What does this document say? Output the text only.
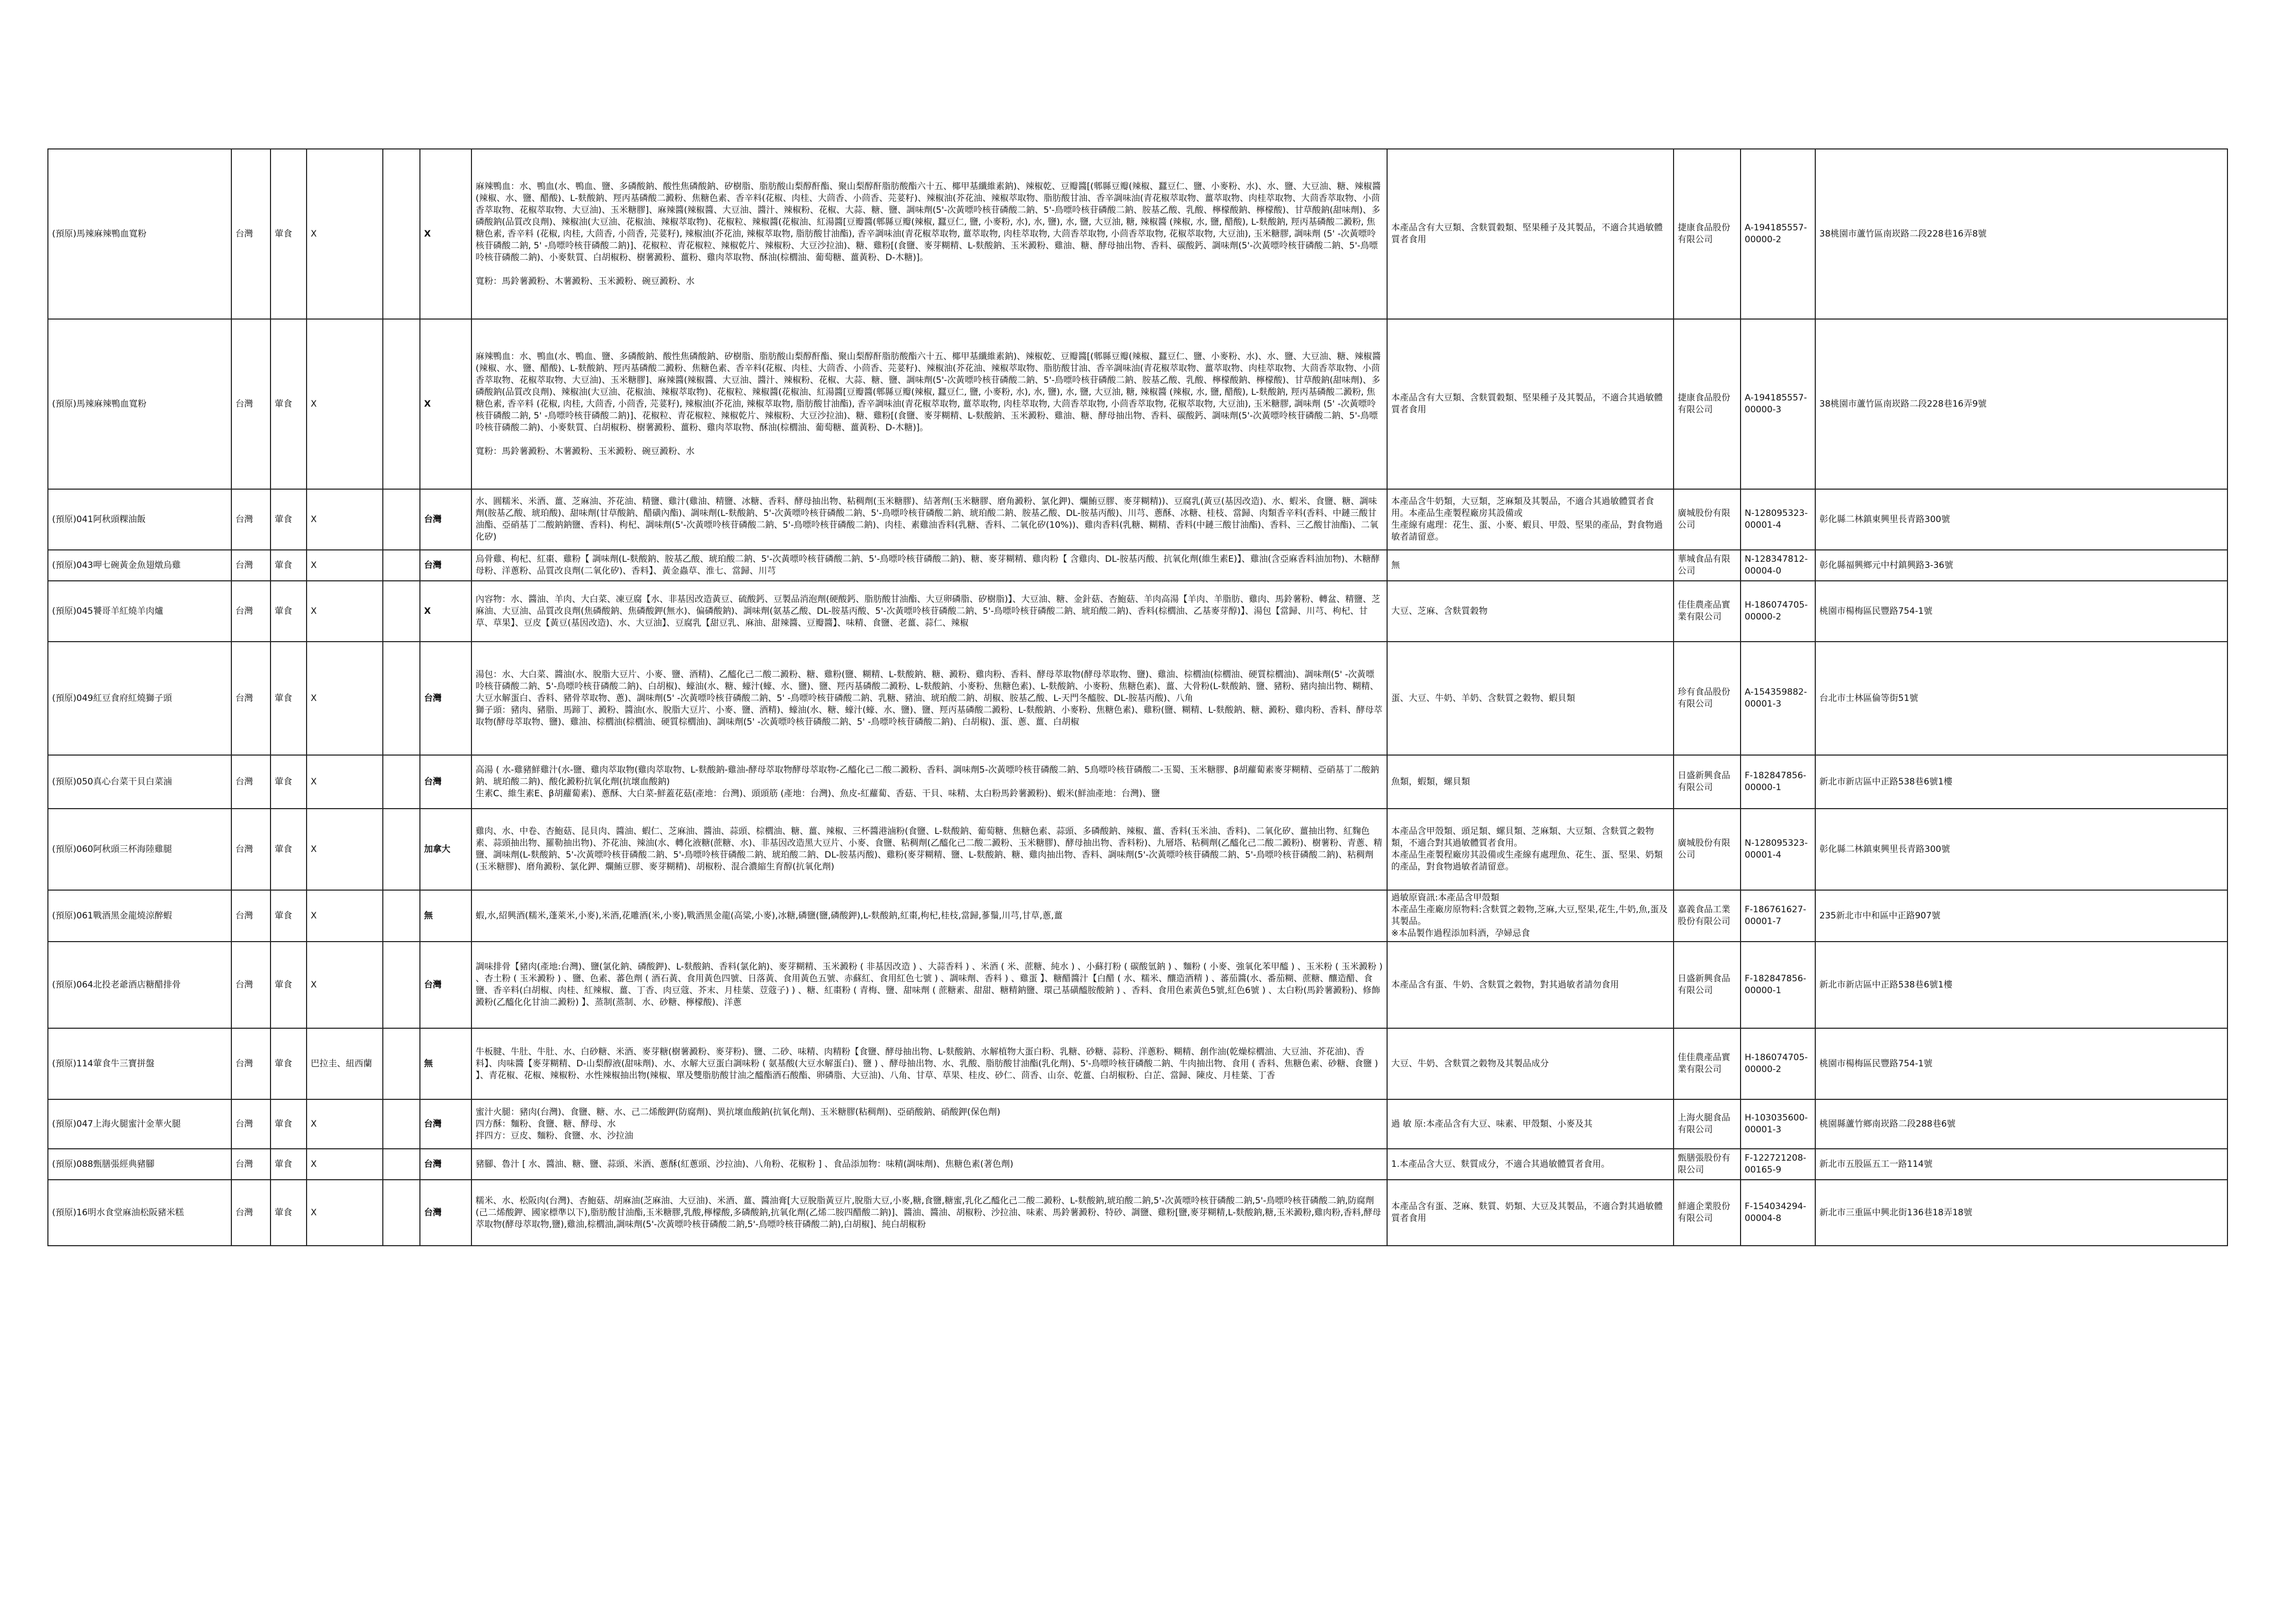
(預原)馬辣麻辣鴨血寬粉	台灣	葷食	X		X	麻辣鴨血：水、鴨血(水、鴨血、鹽、多磷酸鈉、酸性焦磷酸鈉、矽樹脂、脂肪酸山梨醇酐酯、聚山梨醇酐脂肪酸酯六十五、椰甲基纖維素鈉)、辣椒乾、豆瓣醬[(郫縣豆瓣(辣椒、蠶豆仁、鹽、小麥粉、水)、水、鹽、大豆油、糖、辣椒醬(辣椒、水、鹽、醋酸)、L-麩酸鈉、羥丙基磷酸二澱粉、焦糖色素、香辛料(花椒、肉桂、大茴香、小茴香、芫荽籽)、辣椒油(芥花油、辣椒萃取物、脂肪酸甘油、香辛調味油(青花椒萃取物、薑萃取物、肉桂萃取物、大茴香萃取物、小茴香萃取物、花椒萃取物、大豆油)、玉米糖膠]、麻辣醬(辣椒醬、大豆油、醬汁、辣椒粉、花椒、大蒜、糖、鹽、調味劑(5'-次黃嘌呤核苷磷酸二鈉、5'-鳥嘌呤核苷磷酸二鈉、胺基乙酸、乳酸、檸檬酸鈉、檸檬酸)、甘草酸鈉(甜味劑)、多磷酸鈉(品質改良劑)、辣椒油(大豆油、花椒油、辣椒萃取物)、花椒粒、辣椒醬(花椒油、紅湯醬[豆瓣醬(郫縣豆瓣(辣椒, 蠶豆仁, 鹽, 小麥粉, 水), 水, 鹽), 水, 鹽, 大豆油, 糖, 辣椒醬 (辣椒, 水, 鹽, 醋酸), L-麩酸鈉, 羥丙基磷酸二澱粉, 焦糖色素, 香辛料 (花椒, 肉桂, 大茴香, 小茴香, 芫荽籽), 辣椒油(芥花油, 辣椒萃取物, 脂肪酸甘油酯), 香辛調味油(青花椒萃取物, 薑萃取物, 肉桂萃取物, 大茴香萃取物, 小茴香萃取物, 花椒萃取物, 大豆油), 玉米糖膠, 調味劑 (5' -次黃嘌呤核苷磷酸二鈉, 5' -鳥嘌呤核苷磷酸二鈉)]、花椒粒、青花椒粒、辣椒乾片、辣椒粉、大豆沙拉油)、糖、雞粉[(食鹽、麥芽糊精、L-麩酸鈉、玉米澱粉、雞油、糖、酵母抽出物、香料、碳酸鈣、調味劑(5'-次黃嘌呤核苷磷酸二鈉、5'-鳥嘌呤核苷磷酸二鈉)、小麥麩質、白胡椒粉、樹薯澱粉、薑粉、雞肉萃取物、酥油(棕櫚油、葡萄糖、薑黃粉、D-木糖)]。

寬粉：馬鈴薯澱粉、木薯澱粉、玉米澱粉、碗豆澱粉、水	本產品含有大豆類、含麩質穀類、堅果種子及其製品，不適合其過敏體質者食用	捷康食品股份有限公司	A-194185557-00000-2	38桃園市蘆竹區南崁路二段228巷16弄8號
(預原)馬辣麻辣鴨血寬粉	台灣	葷食	X		X	麻辣鴨血：水、鴨血(水、鴨血、鹽、多磷酸鈉、酸性焦磷酸鈉、矽樹脂、脂肪酸山梨醇酐酯、聚山梨醇酐脂肪酸酯六十五、椰甲基纖維素鈉)、辣椒乾、豆瓣醬[(郫縣豆瓣(辣椒、蠶豆仁、鹽、小麥粉、水)、水、鹽、大豆油、糖、辣椒醬(辣椒、水、鹽、醋酸)、L-麩酸鈉、羥丙基磷酸二澱粉、焦糖色素、香辛料(花椒、肉桂、大茴香、小茴香、芫荽籽)、辣椒油(芥花油、辣椒萃取物、脂肪酸甘油、香辛調味油(青花椒萃取物、薑萃取物、肉桂萃取物、大茴香萃取物、小茴香萃取物、花椒萃取物、大豆油)、玉米糖膠]、麻辣醬(辣椒醬、大豆油、醬汁、辣椒粉、花椒、大蒜、糖、鹽、調味劑(5'-次黃嘌呤核苷磷酸二鈉、5'-鳥嘌呤核苷磷酸二鈉、胺基乙酸、乳酸、檸檬酸鈉、檸檬酸)、甘草酸鈉(甜味劑)、多磷酸鈉(品質改良劑)、辣椒油(大豆油、花椒油、辣椒萃取物)、花椒粒、辣椒醬(花椒油、紅湯醬[豆瓣醬(郫縣豆瓣(辣椒, 蠶豆仁, 鹽, 小麥粉, 水), 水, 鹽), 水, 鹽, 大豆油, 糖, 辣椒醬 (辣椒, 水, 鹽, 醋酸), L-麩酸鈉, 羥丙基磷酸二澱粉, 焦糖色素, 香辛料 (花椒, 肉桂, 大茴香, 小茴香, 芫荽籽), 辣椒油(芥花油, 辣椒萃取物, 脂肪酸甘油酯), 香辛調味油(青花椒萃取物, 薑萃取物, 肉桂萃取物, 大茴香萃取物, 小茴香萃取物, 花椒萃取物, 大豆油), 玉米糖膠, 調味劑 (5' -次黃嘌呤核苷磷酸二鈉, 5' -鳥嘌呤核苷磷酸二鈉)]、花椒粒、青花椒粒、辣椒乾片、辣椒粉、大豆沙拉油)、糖、雞粉[(食鹽、麥芽糊精、L-麩酸鈉、玉米澱粉、雞油、糖、酵母抽出物、香料、碳酸鈣、調味劑(5'-次黃嘌呤核苷磷酸二鈉、5'-鳥嘌呤核苷磷酸二鈉)、小麥麩質、白胡椒粉、樹薯澱粉、薑粉、雞肉萃取物、酥油(棕櫚油、葡萄糖、薑黃粉、D-木糖)]。

寬粉：馬鈴薯澱粉、木薯澱粉、玉米澱粉、碗豆澱粉、水	本產品含有大豆類、含麩質穀類、堅果種子及其製品，不適合其過敏體質者食用	捷康食品股份有限公司	A-194185557-00000-3	38桃園市蘆竹區南崁路二段228巷16弄9號
(預原)041阿秋頭粿油飯	台灣	葷食	X		台灣	水、圓糯米、米酒、薑、芝麻油、芥花油、精鹽、雞汁(雞油、精鹽、冰糖、香料、酵母抽出物、粘稠劑(玉米糖膠)、結著劑(玉米糖膠、磨角澱粉、氯化鉀)、爛鮪豆膠、麥芽糊精))、豆腐乳(黃豆(基因改造)、水、蝦米、食鹽、糖、調味劑(胺基乙酸、琥珀酸)、甜味劑(甘草酸鈉、醋磺內酯)、調味劑(L-麩酸鈉、5'-次黃嘌呤核苷磷酸二鈉、5'-鳥嘌呤核苷磷酸二鈉、琥珀酸二鈉、胺基乙酸、DL-胺基丙酸)、川芎、蔥酥、冰糖、桂枝、當歸、肉類香辛料(香料、中鏈三酸甘油酯、亞硝基丁二酸鈉鈉鹽、香料)、枸杞、調味劑(5'-次黃嘌呤核苷磷酸二鈉、5'-鳥嘌呤核苷磷酸二鈉)、肉桂、素雞油香料(乳糖、香料、二氧化矽(10%))、雞肉香料(乳糖、糊精、香料(中鏈三酸甘油酯)、香料、三乙酸甘油酯)、二氧化矽)	本產品含牛奶類，大豆類，芝麻類及其製品，不適合其過敏體質者食用。本產品生產製程廠房其設備或
生產線有處理：花生、蛋、小麥、蝦貝、甲殼、堅果的產品，對食物過敏者請留意。	廣城股份有限公司	N-128095323-00001-4	彰化縣二林鎮東興里長青路300號
(預原)043呷七碗黃金魚翅燉烏雞	台灣	葷食	X		台灣	烏骨雞、枸杞、紅棗、雞粉【 調味劑(L-麩酸鈉、胺基乙酸、琥珀酸二鈉、5'-次黃嘌呤核苷磷酸二鈉、5'-鳥嘌呤核苷磷酸二鈉)、糖、麥芽糊精、雞肉粉【 含雞肉、DL-胺基丙酸、抗氧化劑(維生素E)】、雞油(含亞麻香料油加物)、木糖酵母粉、洋蔥粉、品質改良劑(二氧化矽)、香料】、黃金蟲草、淮七、當歸、川芎	無	華城食品有限公司	N-128347812-00004-0	彰化縣福興鄉元中村鎮興路3-36號
(預原)045饕哥羊紅燒羊肉爐	台灣	葷食	X		X	內容物：水、醬油、羊肉、大白菜、凍豆腐【水、非基因改造黃豆、硫酸鈣、豆製品消泡劑(硬酸鈣、脂肪酸甘油酯、大豆卵磷脂、矽樹脂)】、大豆油、糖、金針菇、杏鮑菇、羊肉高湯【羊肉、羊脂肪、雞肉、馬鈴薯粉、轉盆、精鹽、芝麻油、大豆油、品質改良劑(焦磷酸鈉、焦磷酸鉀(無水)、偏磷酸鈉)、調味劑(氨基乙酸、DL-胺基丙酸、5'-次黃嘌呤核苷磷酸二鈉、5'-鳥嘌呤核苷磷酸二鈉、琥珀酸二鈉)、香料(棕櫚油、乙基麥芽醇)】、湯包【當歸、川芎、枸杞、甘草、草果】、豆皮【黃豆(基因改造)、水、大豆油】、豆腐乳【甜豆乳、麻油、甜辣醬、豆瓣醬】、味精、食鹽、老薑、蒜仁、辣椒	大豆、芝麻、含麩質穀物	佳佳農產品實業有限公司	H-186074705-00000-2	桃園市楊梅區民豐路754-1號
(預原)049紅豆食府紅燒獅子頭	台灣	葷食	X		台灣	湯包：水、大白菜、醬油(水、脫脂大豆片、小麥、鹽、酒精)、乙醯化己二酸二澱粉、糖、雞粉(鹽、糊精、L-麩酸鈉、糖、澱粉、雞肉粉、香料、酵母萃取物(酵母萃取物、鹽)、雞油、棕櫚油(棕櫚油、硬質棕櫚油)、調味劑(5' -次黃嘌呤核苷磷酸二鈉、5'-鳥嘌呤核苷磷酸二鈉)、白胡椒)、蠔油(水、糖、蠔汁(蠔、水、鹽)、鹽、羥丙基磷酸二澱粉、L-麩酸鈉、小麥粉、焦糖色素)、L-麩酸鈉、小麥粉、焦糖色素)、薑、大骨粉(L-麩酸鈉、鹽、豬粉、豬肉抽出物、糊精、大豆水解蛋白、香料、豬骨萃取物、蔥)、調味劑(5' -次黃嘌呤核苷磷酸二鈉、5' -鳥嘌呤核苷磷酸二鈉、乳糖、豬油、琥珀酸二鈉、胡椒、胺基乙酸、L-天門冬醯胺、DL-胺基丙酸)、八角
獅子頭：豬肉、豬脂、馬蹄丁、澱粉、醬油(水、脫脂大豆片、小麥、鹽、酒精)、蠔油(水、糖、蠔汁(蠔、水、鹽)、鹽、羥丙基磷酸二澱粉、L-麩酸鈉、小麥粉、焦糖色素)、雞粉(鹽、糊精、L-麩酸鈉、糖、澱粉、雞肉粉、香料、酵母萃取物(酵母萃取物、鹽)、雞油、棕櫚油(棕櫚油、硬質棕櫚油)、調味劑(5' -次黃嘌呤核苷磷酸二鈉、5' -鳥嘌呤核苷磷酸二鈉)、白胡椒)、蛋、蔥、薑、白胡椒	蛋、大豆、牛奶、羊奶、含麩質之穀物、蝦貝類	珍有食品股份有限公司	A-154359882-00001-3	台北市士林區倫等街51號
(預原)050真心台菜干貝白菜滷	台灣	葷食	X		台灣	高湯 ( 水-雞豬鮮雞汁(水-鹽、雞肉萃取物(雞肉萃取物、L-麩酸鈉-雞油-酵母萃取物酵母萃取物-乙醯化己二酸二澱粉、香料、調味劑5-次黃嘌呤核苷磷酸二鈉、5鳥嘌呤核苷磷酸二-玉蜀、玉米糖膠、β胡蘿蔔素麥芽糊精、亞硝基丁二酸鈉鈉、琥珀酸二鈉)、酸化澱粉抗氧化劑(抗壞血酸鈉)
生素C、維生素E、β胡蘿蔔素)、蔥酥、大白菜-鮮蓋花菇(產地：台灣)、頭頭筋 (產地：台灣)、魚皮-紅蘿蔔、香菇、干貝、味精、太白粉馬鈴薯澱粉)、蝦米(鮮油產地：台灣)、鹽	魚類，蝦類，螺貝類	日盛新興食品有限公司	F-182847856-00000-1	新北市新店區中正路538巷6號1樓
(預原)060阿秋頭三杯海陸雞腿	台灣	葷食	X		加拿大	雞肉、水、中卷、杏鮑菇、昆貝肉、醬油、蝦仁、芝麻油、醬油、蒜頭、棕櫚油、糖、薑、辣椒、三杯醬港滷粉(食鹽、L-麩酸鈉、葡萄糖、焦糖色素、蒜頭、多磷酸鈉、辣椒、薑、香料(玉米油、香料)、二氧化矽、薑抽出物、紅麴色素、蒜頭抽出物、羅勒抽出物)、芥花油、辣油(水、轉化液糖(蔗糖、水)、非基因改造黑大豆片、小麥、食鹽、粘稠劑(乙醯化己二酸二澱粉、玉米糖膠)、酵母抽出物、香料粉)、九層塔、粘稠劑(乙醯化己二酸二澱粉)、樹薯粉、青蔥、精鹽、調味劑(L-麩酸鈉、5'-次黃嘌呤核苷磷酸二鈉、5'-鳥嘌呤核苷磷酸二鈉、琥珀酸二鈉、DL-胺基丙酸)、雞粉(麥芽糊精、鹽、L-麩酸鈉、糖、雞肉抽出物、香料、調味劑(5'-次黃嘌呤核苷磷酸二鈉、5'-鳥嘌呤核苷磷酸二鈉)、粘稠劑(玉米糖膠)、磨角澱粉、氯化鉀、爛鮪豆膠、麥芽糊精)、胡椒粉、混合濃縮生育醇(抗氧化劑)	本產品含甲殼類、頭足類、螺貝類、芝麻類、大豆類、含麩質之穀物類，不適合對其過敏體質者食用。
本產品生產製程廠房其設備或生產線有處理魚、花生、蛋、堅果、奶類的產品，對食物過敏者請留意。	廣城股份有限公司	N-128095323-00001-4	彰化縣二林鎮東興里長青路300號
(預原)061戰酒黑金龍燒涼醉蝦	台灣	葷食	X		無	蝦,水,紹興酒(糯米,蓬萊米,小麥),米酒,花雕酒(米,小麥),戰酒黑金龍(高粱,小麥),冰糖,磷鹽(鹽,磷酸鉀),L-麩酸鈉,紅棗,枸杞,桂枝,當歸,蔘鬚,川芎,甘草,蔥,薑	過敏原資訊:本產品含甲殼類
本產品生產廠房原物料:含麩質之穀物,芝麻,大豆,堅果,花生,牛奶,魚,蛋及其製品。
※本品製作過程添加料酒，孕婦忌食	嘉義食品工業股份有限公司	F-186761627-00001-7	235新北市中和區中正路907號
(預原)064北投老爺酒店糖醋排骨	台灣	葷食	X		台灣	調味排骨【豬肉(產地:台灣)、鹽(氯化鈉、磷酸鉀)、L-麩酸鈉、香料(氯化鈉)、麥芽糊精、玉米澱粉 ( 非基因改造 ) 、大蒜香料 ) 、米酒 ( 米、蔗糖、純水 ) 、小蘇打粉 ( 碳酸氫鈉 ) 、麵粉 ( 小麥、強氧化苯甲醯 ) 、玉米粉 ( 玉米澱粉 ) 、杏土粉 ( 玉米澱粉 ) 、鹽、色素、蕃色劑 ( 酒石黃、食用黃色四號、日落黃、食用黃色五號、赤蘇紅、食用紅色七號 ) 、調味劑、香料 ) 、雞蛋 】、糖醋醬汁【白醋 ( 水、糯米、釀造酒精 ) 、蕃茄醬(水、番茄糊、蔗糖、釀造醋、食鹽、香辛料(白胡椒、肉桂、紅辣椒、薑、丁香、肉豆蔻、芥末、月桂葉、荳蔻子) ) 、糖、紅棗粉 ( 青梅、鹽、甜味劑 ( 蔗糖素、甜甜、糖精鈉鹽、環己基磺醯胺酸鈉 ) 、香料、食用色素黃色5號,紅色6號 ) 、太白粉(馬鈴薯澱粉)、修飾澱粉(乙醯化化甘油二澱粉) 】、蒸制(蒸制、水、砂糖、檸檬酸)、洋蔥	本產品含有蛋、牛奶、含麩質之穀物，對其過敏者請勿食用	日盛新興食品有限公司	F-182847856-00000-1	新北市新店區中正路538巷6號1樓
(預原)114葷食牛三寶拼盤	台灣	葷食	巴拉圭、紐西蘭		無	牛板腱、牛肚、牛肚、水、白砂糖、米酒、麥芽糖(樹薯澱粉、麥芽粉)、鹽、二砂、味精、肉精粉【食鹽、酵母抽出物、L-麩酸鈉、水解植物大蛋白粉、乳糖、砂糖、蒜粉、洋蔥粉、糊精、創作油(乾燥棕櫚油、大豆油、芥花油)、香料】、肉味醬【麥芽糊精、D-山梨醇液(甜味劑)、水、水解大豆蛋白調味粉 ( 氨基酸(大豆水解蛋白)、鹽 ) 、酵母抽出物、水、乳酸、脂肪酸甘油酯(乳化劑)、5'-鳥嘌呤核苷磷酸二鈉、牛肉抽出物、食用 ( 香料、焦糖色素、砂糖、食鹽 ) 】、青花椒、花椒、辣椒粉、水性辣椒抽出物(辣椒、單及雙脂肪酸甘油之醯酯酒石酸酯、卵磷脂、大豆油)、八角、甘草、草果、桂皮、砂仁、茴香、山奈、乾薑、白胡椒粉、白芷、當歸、陳皮、月桂葉、丁香	大豆、牛奶、含麩質之穀物及其製品成分	佳佳農產品實業有限公司	H-186074705-00000-2	桃園市楊梅區民豐路754-1號
(預原)047上海火腿蜜汁金華火腿	台灣	葷食	X		台灣	蜜汁火腿：豬肉(台灣)、食鹽、糖、水、己二烯酸鉀(防腐劑)、異抗壞血酸鈉(抗氧化劑)、玉米糖膠(粘稠劑)、亞硝酸鈉、硝酸鉀(保色劑)
四方酥：麵粉、食鹽、糖、酵母、水
拌四方：豆皮、麵粉、食鹽、水、沙拉油	過 敏 原:本產品含有大豆、味素、甲殼類、小麥及其	上海火腿食品有限公司	H-103035600-00001-3	桃園縣蘆竹鄉南崁路二段288巷6號
(預原)088甄膳張經典豬腳	台灣	葷食	X		台灣	豬腳、魯汁 [ 水、醬油、糖、鹽、蒜頭、米酒、蔥酥(紅蔥頭、沙拉油)、八角粉、花椒粉 ] 、食品添加物：味精(調味劑)、焦糖色素(著色劑)	1.本產品含大豆、麩質成分，不適合其過敏體質者食用。	甄膳張股份有限公司	F-122721208-00165-9	新北市五股區五工一路114號
(預原)16明水食堂麻油松阪豬米糕	台灣	葷食	X		台灣	糯米、水、松阪肉(台灣)、杏鮑菇、胡麻油(芝麻油、大豆油)、米酒、薑、醬油膏[大豆脫脂黃豆片,脫脂大豆,小麥,糖,食鹽,糖蜜,乳化乙醯化己二酸二澱粉、L-麩酸鈉,琥珀酸二鈉,5'-次黃嘌呤核苷磷酸二鈉,5'-鳥嘌呤核苷磷酸二鈉,防腐劑(己二烯酸鉀、國家標準以下),脂肪酸甘油酯,玉米糖膠,乳酸,檸檬酸,多磷酸鈉,抗氧化劑(乙烯二胺四醋酸二鈉)]、醬油、醬油、胡椒粉、沙拉油、味素、馬鈴薯澱粉、特砂、調鹽、雞粉[鹽,麥芽糊精,L-麩酸鈉,糖,玉米澱粉,雞肉粉,香料,酵母萃取物(酵母萃取物,鹽),雞油,棕櫚油,調味劑(5'-次黃嘌呤核苷磷酸二鈉,5'-鳥嘌呤核苷磷酸二鈉),白胡椒]、純白胡椒粉	本產品含有蛋、芝麻、麩質、奶類、大豆及其製品，不適合對其過敏體質者食用	鮮適企業股份有限公司	F-154034294-00004-8	新北市三重區中興北街136巷18弄18號
